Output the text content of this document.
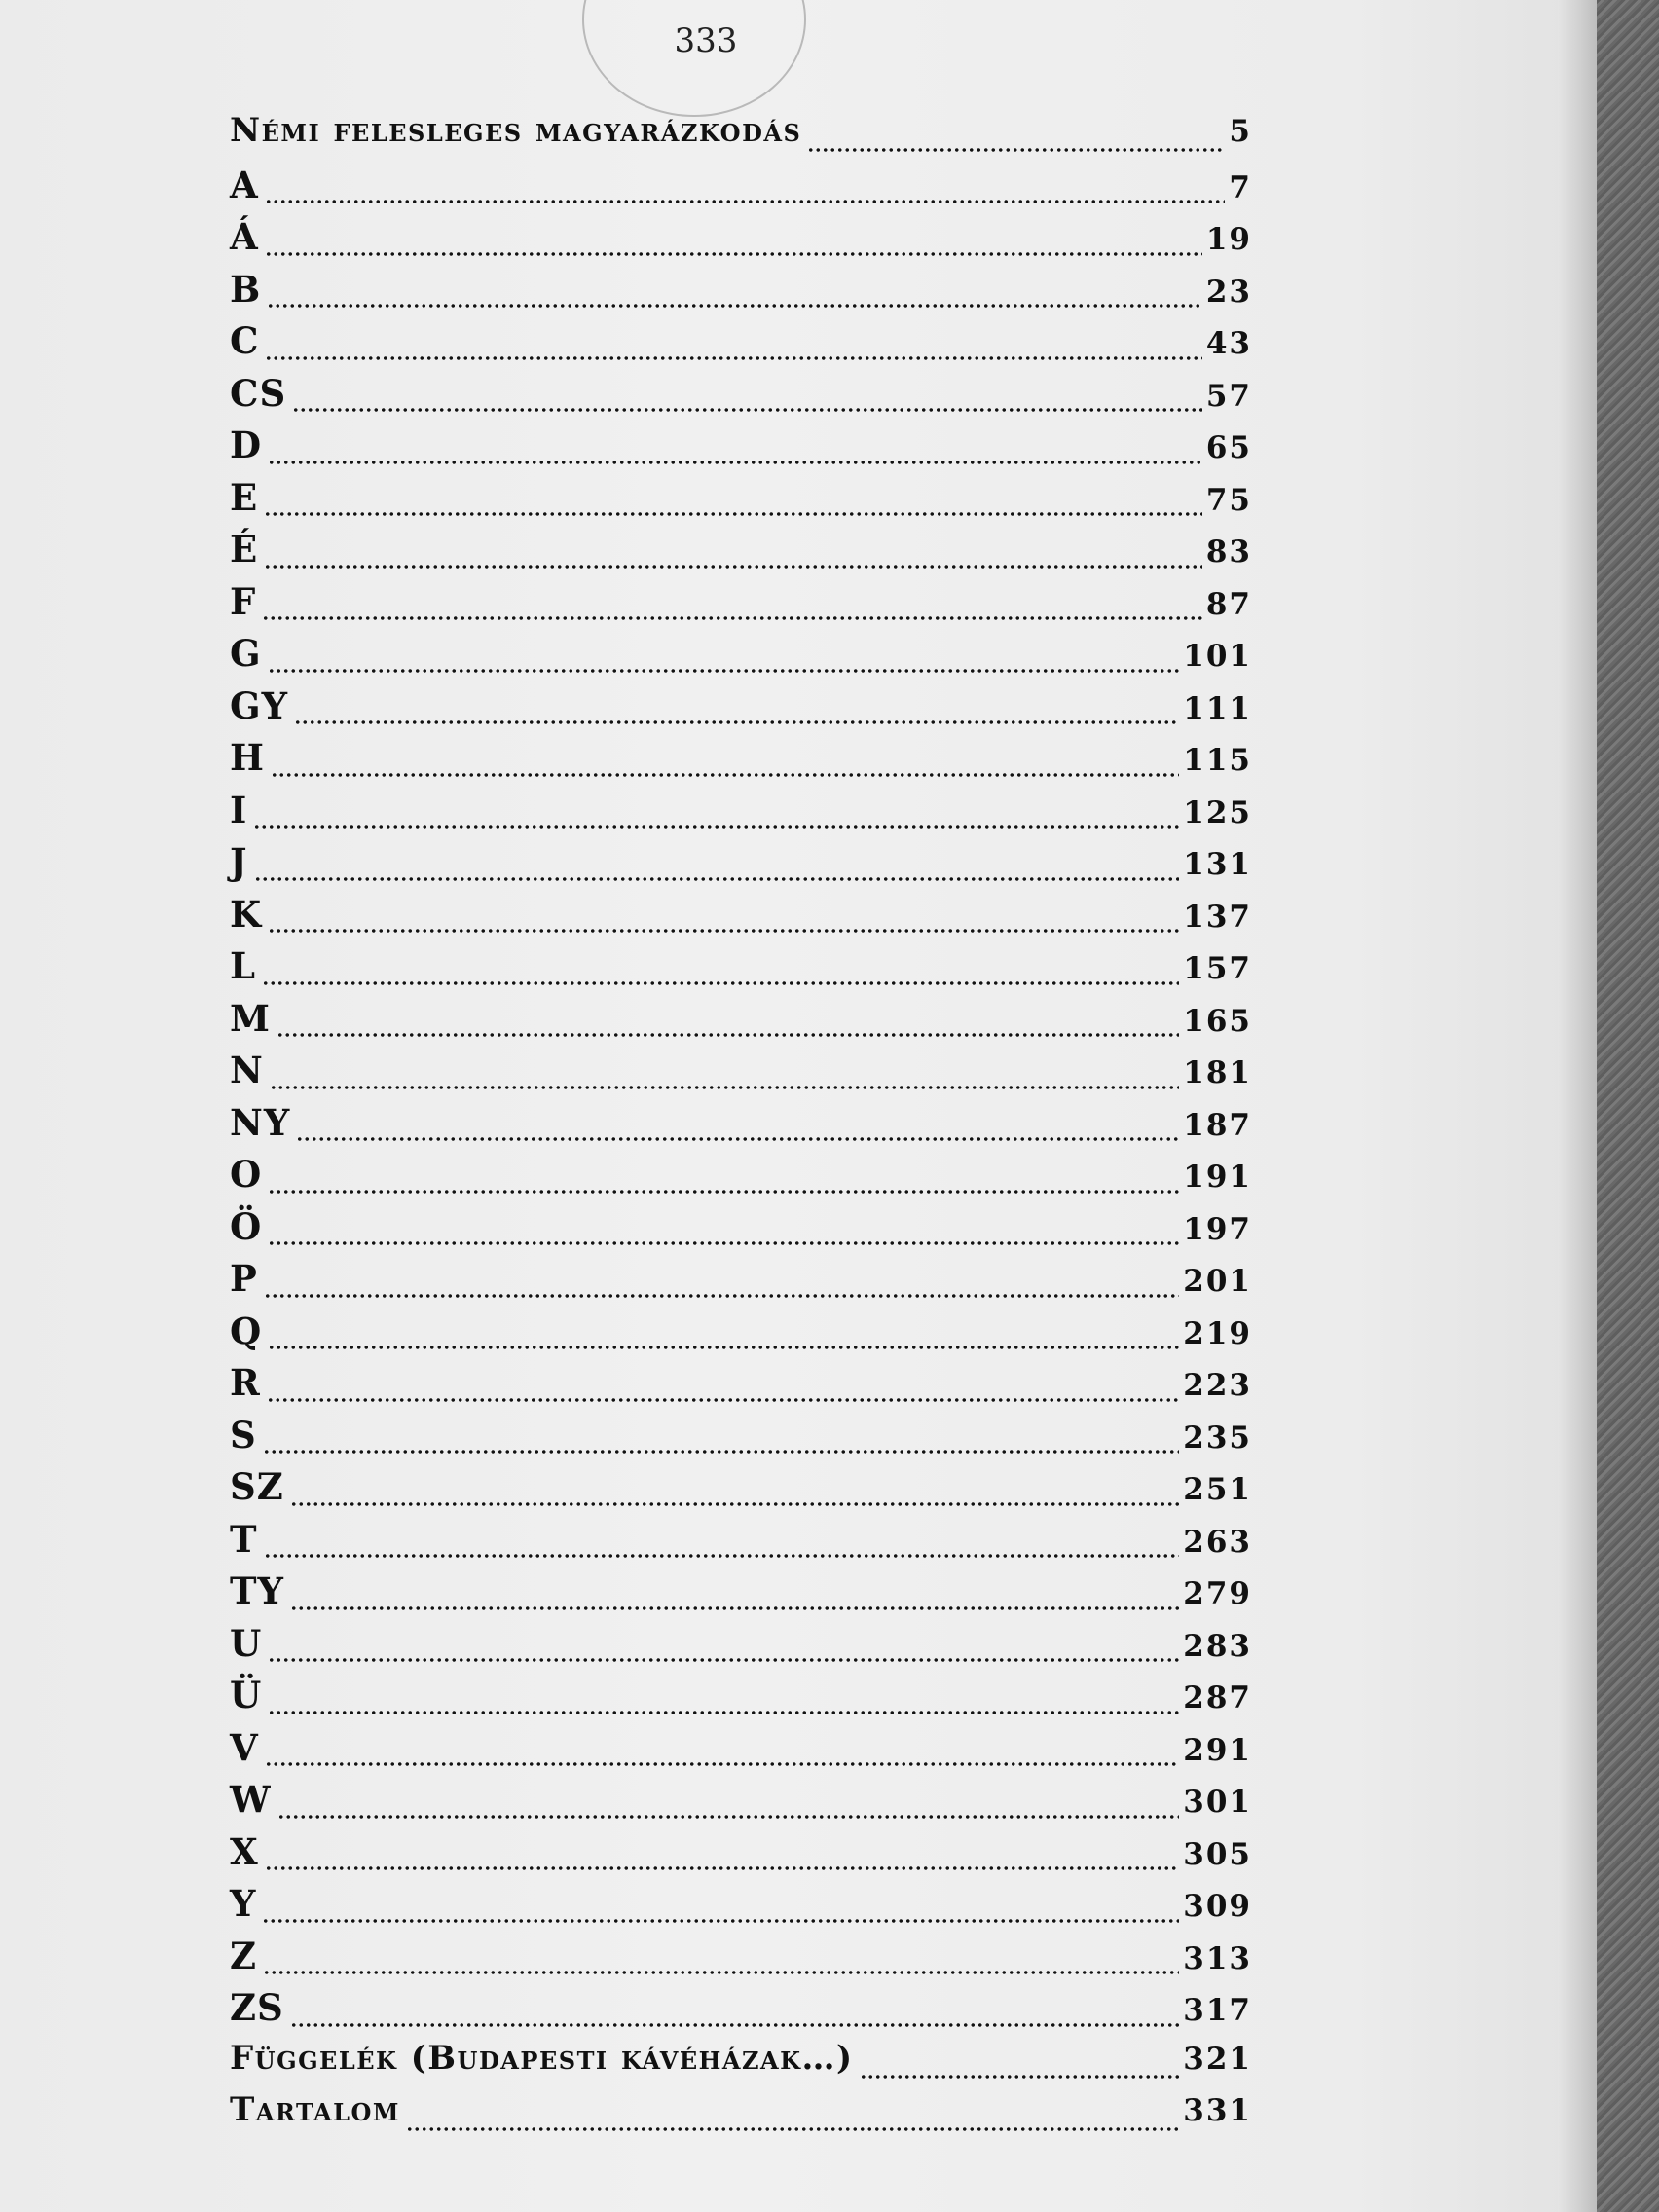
333
Némi felesleges magyarázkodás	5
A	7
Á	19
B	23
C	43
CS	57
D	65
E	75
É	83
F	87
G	101
GY	111
H	115
I	125
J	131
K	137
L	157
M	165
N	181
NY	187
O	191
Ö	197
P	201
Q	219
R	223
S	235
SZ	251
T	263
TY	279
U	283
Ü	287
V	291
W	301
X	305
Y	309
Z	313
ZS	317
Függelék (Budapesti kávéházak…)	321
Tartalom	331
